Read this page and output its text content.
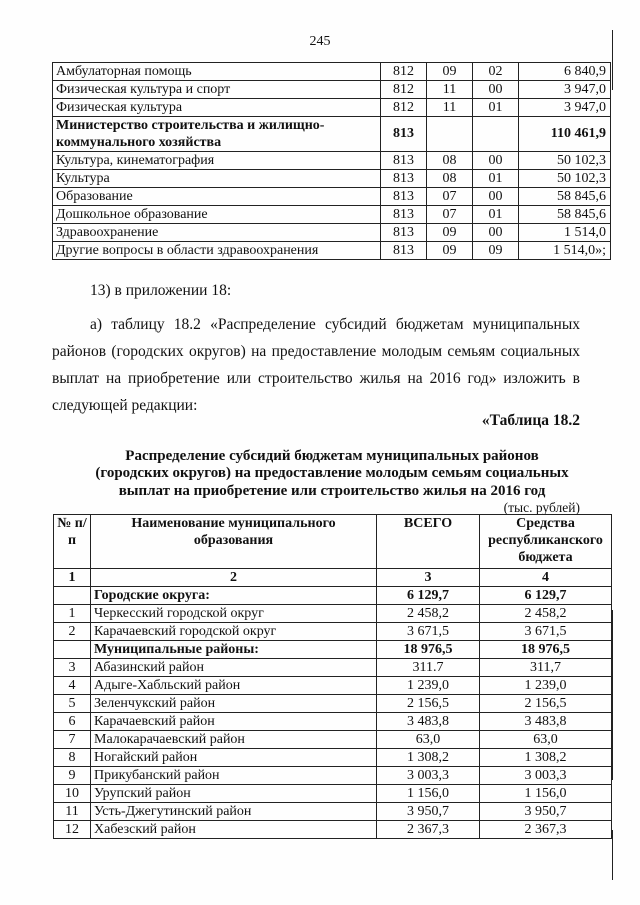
245
Амбулаторная помощь	812	09	02	6 840,9
Физическая культура и спорт	812	11	00	3 947,0
Физическая культура	812	11	01	3 947,0
Министерство строительства и жилищно-коммунального хозяйства	813			110 461,9
Культура, кинематография	813	08	00	50 102,3
Культура	813	08	01	50 102,3
Образование	813	07	00	58 845,6
Дошкольное образование	813	07	01	58 845,6
Здравоохранение	813	09	00	1 514,0
Другие вопросы в области здравоохранения	813	09	09	1 514,0»;

13) в приложении 18:

а) таблицу 18.2 «Распределение субсидий бюджетам муниципальных

районов (городских округов) на предоставление молодым семьям социальных

выплат на приобретение или строительство жилья на 2016 год» изложить в

следующей редакции:

«Таблица 18.2

Распределение субсидий бюджетам муниципальных районов
(городских округов) на предоставление молодым семьям социальных
выплат на приобретение или строительство жилья на 2016 год
(тыс. рублей)
№ п/п	Наименование муниципального образования	ВСЕГО	Средства республиканского бюджета
1	2	3	4
	Городские округа:	6 129,7	6 129,7
1	Черкесский городской округ	2 458,2	2 458,2
2	Карачаевский городской округ	3 671,5	3 671,5
	Муниципальные районы:	18 976,5	18 976,5
3	Абазинский район	311.7	311,7
4	Адыге-Хабльский район	1 239,0	1 239,0
5	Зеленчукский район	2 156,5	2 156,5
6	Карачаевский район	3 483,8	3 483,8
7	Малокарачаевский район	63,0	63,0
8	Ногайский район	1 308,2	1 308,2
9	Прикубанский район	3 003,3	3 003,3
10	Урупский район	1 156,0	1 156,0
11	Усть-Джегутинский район	3 950,7	3 950,7
12	Хабезский район	2 367,3	2 367,3
